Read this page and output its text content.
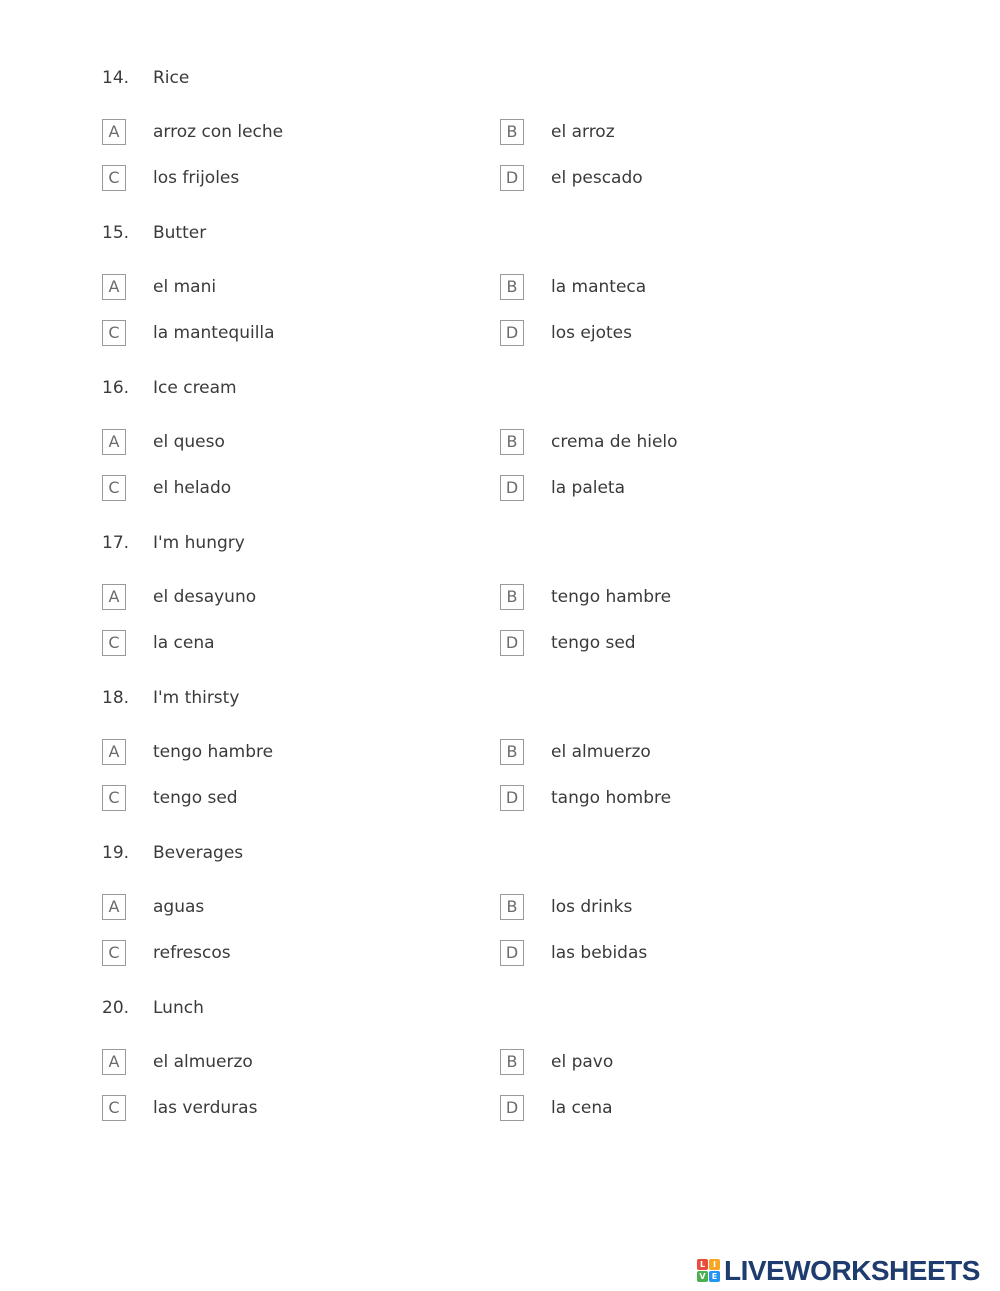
14.	Rice
A	arroz con leche	B	el arroz
C	los frijoles	D	el pescado
15.	Butter
A	el mani	B	la manteca
C	la mantequilla	D	los ejotes
16.	Ice cream
A	el queso	B	crema de hielo
C	el helado	D	la paleta
17.	I'm hungry
A	el desayuno	B	tengo hambre
C	la cena	D	tengo sed
18.	I'm thirsty
A	tengo hambre	B	el almuerzo
C	tengo sed	D	tango hombre
19.	Beverages
A	aguas	B	los drinks
C	refrescos	D	las bebidas
20.	Lunch
A	el almuerzo	B	el pavo
C	las verduras	D	la cena
L I
V E LIVEWORKSHEETS
